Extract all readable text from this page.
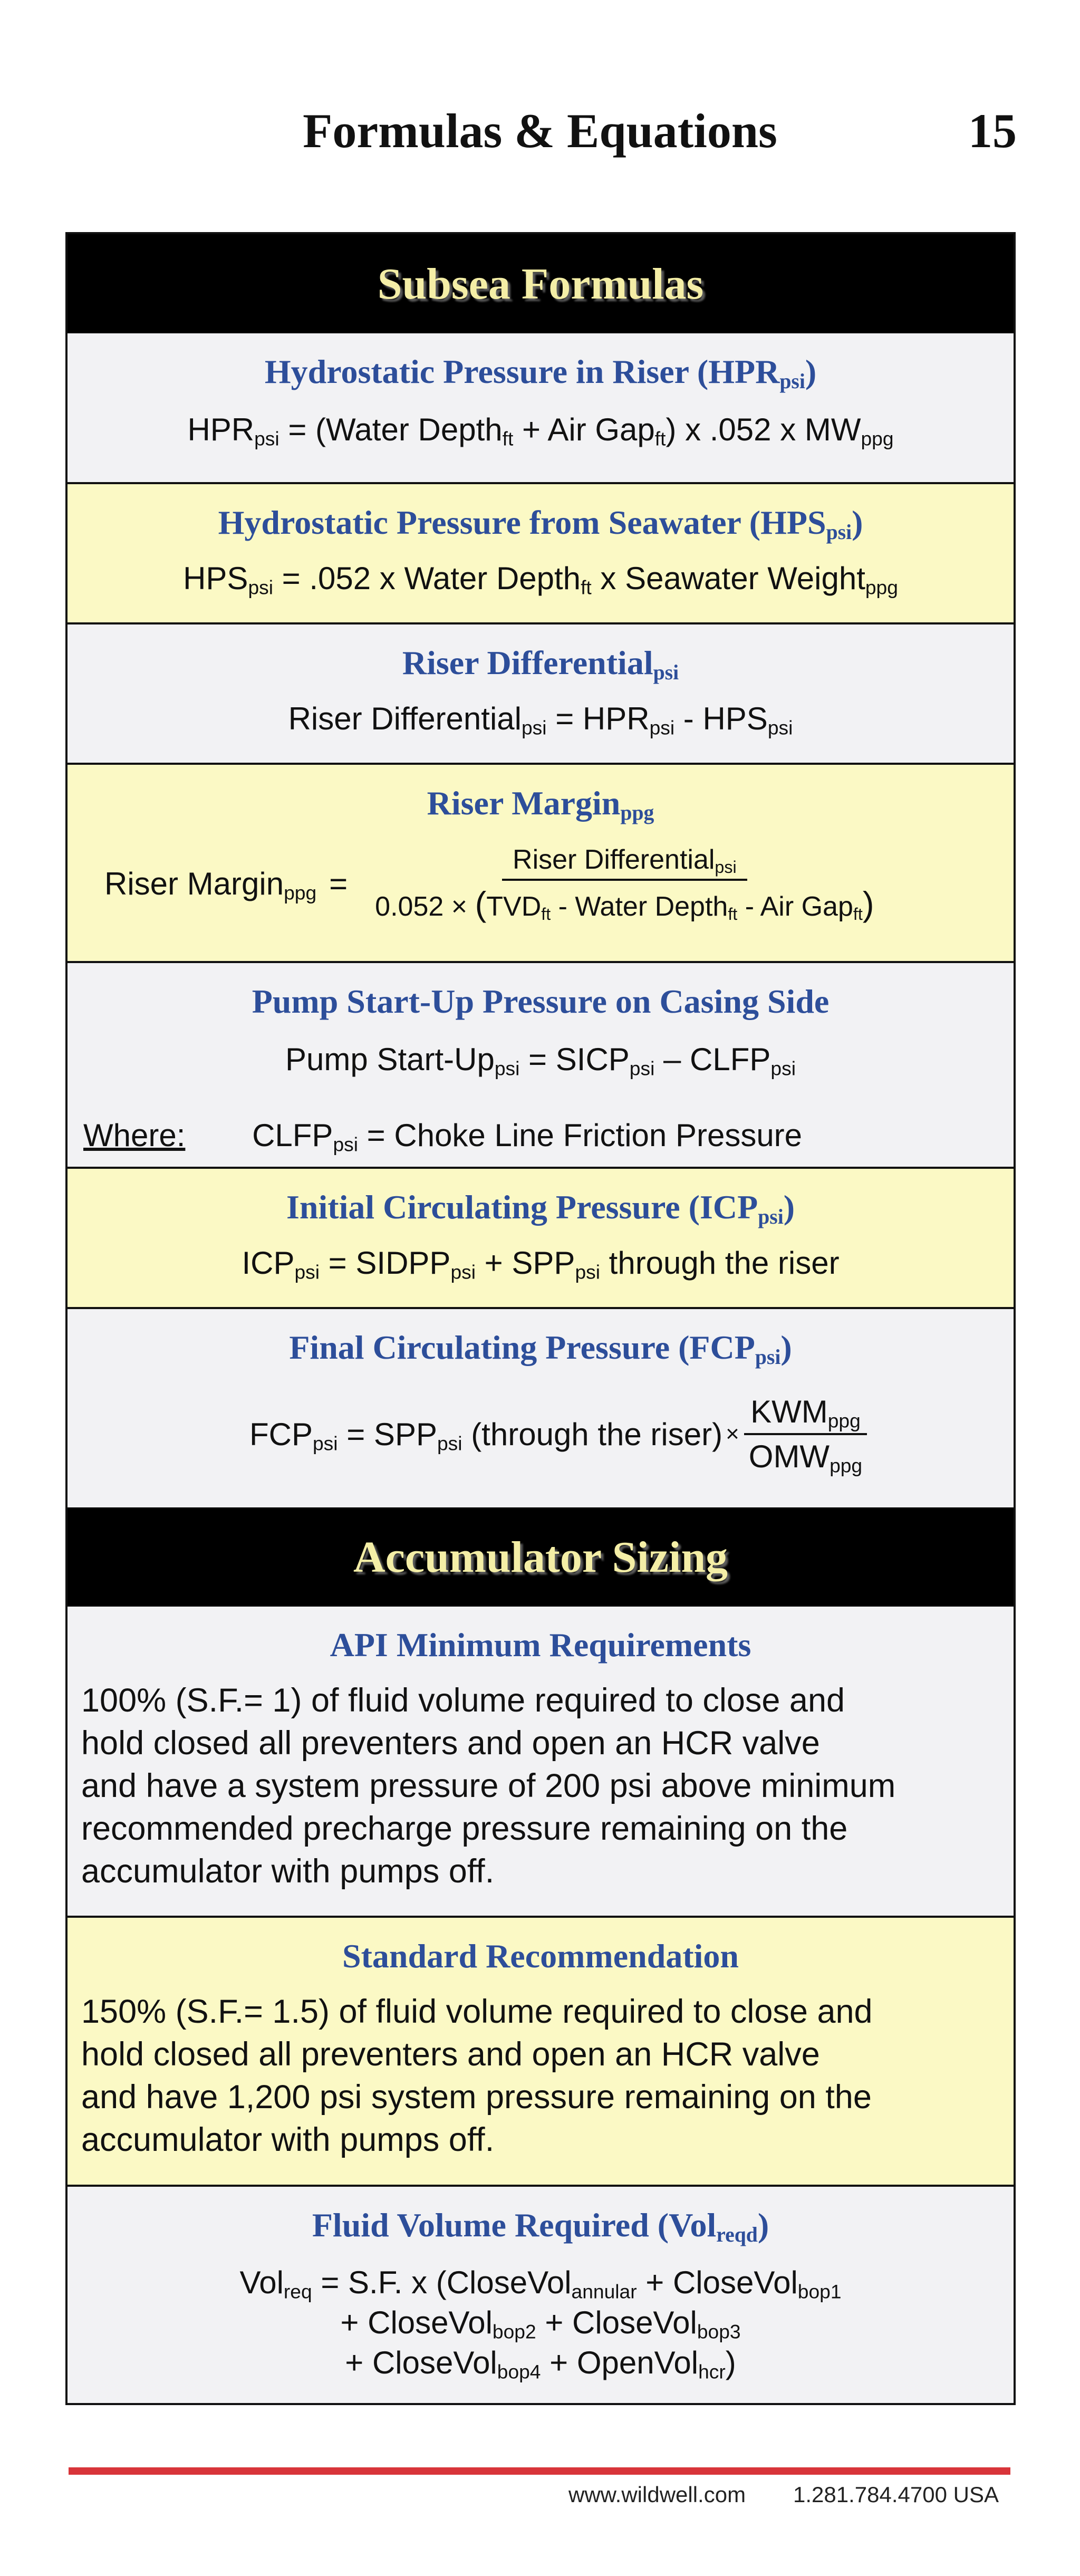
Formulas & Equations	15
Subsea Formulas
Hydrostatic Pressure in Riser $(HPR_{psi})$
$HPR_{psi}$ = (Water Depth$_{ft}$ + Air Gap$_{ft}$) x .052 x $MW_{ppg}$
Hydrostatic Pressure from Seawater $(HPS_{psi})$
$HPS_{psi} = .052$ x Water Depth$_{ft}$ x Seawater Weight$_{ppg}$
Riser Differential$_{psi}$
Riser Differential$_{psi}$ = $HPR_{psi} - HPS_{psi}$
Riser Margin$_{ppg}$
Riser Margin$_{ppg}$ = $\frac{Riser Differential_{psi}}{0.052 \times (TVD_{ft} - Water Depth_{ft} - Air Gap_{ft})}$
Pump Start-Up Pressure on Casing Side
Pump Start-$Up_{psi}$ = $SICP_{psi}$ – $CLFP_{psi}$
Where: $CLFP_{psi}$ = Choke Line Friction Pressure
Initial Circulating Pressure $(ICP_{psi})$
$ICP_{psi}$ = $SIDPP_{psi} + SPP_{psi}$ through the riser
Final Circulating Pressure $(FCP_{psi})$
$FCP_{psi} = SPP_{psi}$ (through the riser) × $\frac{KWM_{ppg}}{OMW_{ppg}}$
Accumulator Sizing
API Minimum Requirements
100% (S.F.= 1) of fluid volume required to close and
hold closed all preventers and open an HCR valve
and have a system pressure of 200 psi above minimum
recommended precharge pressure remaining on the
accumulator with pumps off.
Standard Recommendation
150% (S.F.= 1.5) of fluid volume required to close and
hold closed all preventers and open an HCR valve
and have 1,200 psi system pressure remaining on the
accumulator with pumps off.
Fluid Volume Required (Vol$_{reqd}$)
Vol$_{req}$ = S.F. x (CloseVol$_{annular}$ + CloseVol$_{bop1}$
+ CloseVol$_{bop2}$ + CloseVol$_{bop3}$
+ CloseVol$_{bop4}$ + OpenVol$_{hcr}$)
www.wildwell.com 1.281.784.4700 USA
